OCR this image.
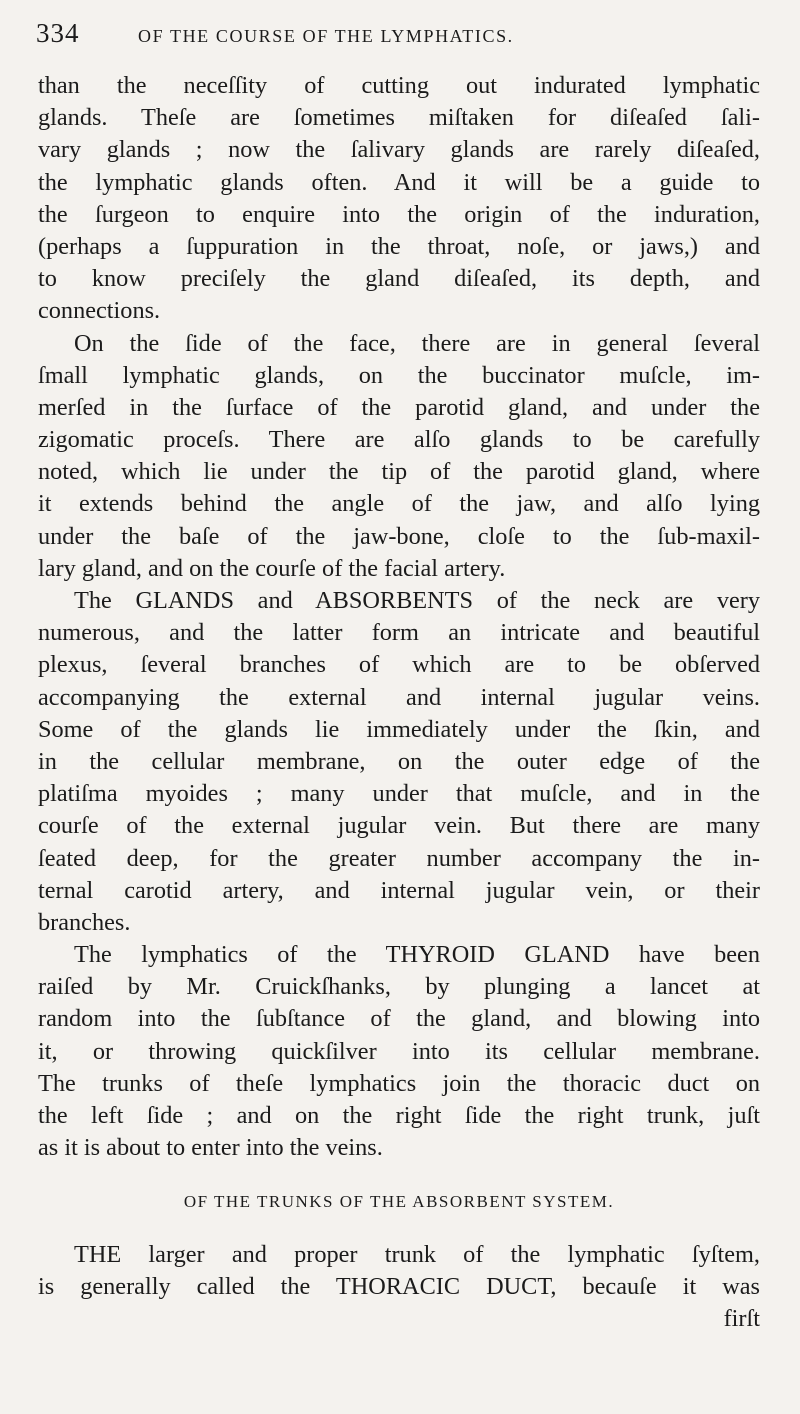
334	OF THE COURSE OF THE LYMPHATICS.
than the neceſſity of cutting out indurated lymphatic
glands. Theſe are ſometimes miſtaken for diſeaſed ſali-
vary glands ; now the ſalivary glands are rarely diſeaſed,
the lymphatic glands often. And it will be a guide to
the ſurgeon to enquire into the origin of the induration,
(perhaps a ſuppuration in the throat, noſe, or jaws,) and
to know preciſely the gland diſeaſed, its depth, and
connections.
On the ſide of the face, there are in general ſeveral
ſmall lymphatic glands, on the buccinator muſcle, im-
merſed in the ſurface of the parotid gland, and under the
zigomatic proceſs. There are alſo glands to be carefully
noted, which lie under the tip of the parotid gland, where
it extends behind the angle of the jaw, and alſo lying
under the baſe of the jaw-bone, cloſe to the ſub-maxil-
lary gland, and on the courſe of the facial artery.
The GLANDS and ABSORBENTS of the neck are very
numerous, and the latter form an intricate and beautiful
plexus, ſeveral branches of which are to be obſerved
accompanying the external and internal jugular veins.
Some of the glands lie immediately under the ſkin, and
in the cellular membrane, on the outer edge of the
platiſma myoides ; many under that muſcle, and in the
courſe of the external jugular vein. But there are many
ſeated deep, for the greater number accompany the in-
ternal carotid artery, and internal jugular vein, or their
branches.
The lymphatics of the THYROID GLAND have been
raiſed by Mr. Cruickſhanks, by plunging a lancet at
random into the ſubſtance of the gland, and blowing into
it, or throwing quickſilver into its cellular membrane.
The trunks of theſe lymphatics join the thoracic duct on
the left ſide ; and on the right ſide the right trunk, juſt
as it is about to enter into the veins.
OF THE TRUNKS OF THE ABSORBENT SYSTEM.
THE larger and proper trunk of the lymphatic ſyſtem,
is generally called the THORACIC DUCT, becauſe it was
firſt
